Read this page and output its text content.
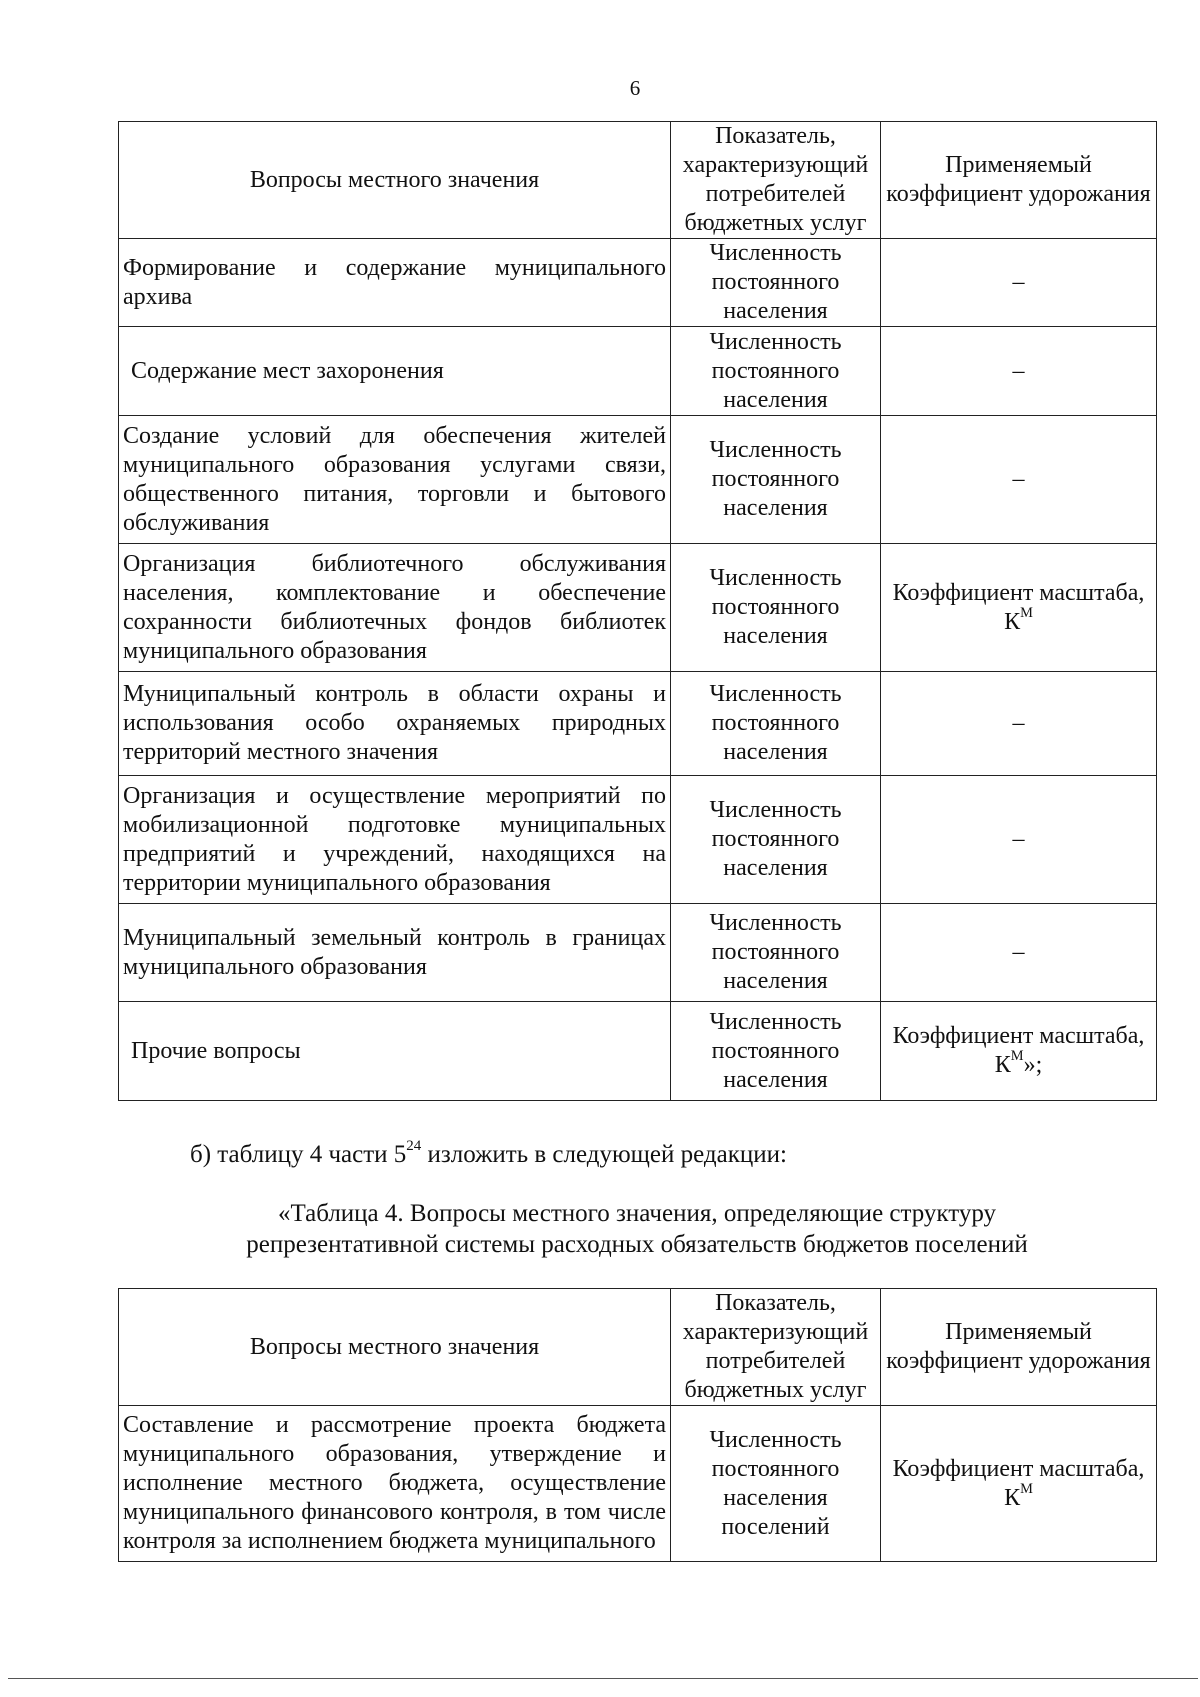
6
Вопросы местного значения	Показатель, характеризующий потребителей бюджетных услуг	Применяемый коэффициент удорожания
Формирование и содержание муниципального архива	Численность постоянного населения	–
Содержание мест захоронения	Численность постоянного населения	–
Создание условий для обеспечения жителей муниципального образования услугами связи, общественного питания, торговли и бытового обслуживания	Численность постоянного населения	–
Организация библиотечного обслуживания населения, комплектование и обеспечение сохранности библиотечных фондов библиотек муниципального образования	Численность постоянного населения	Коэффициент масштаба, $К^М$
Муниципальный контроль в области охраны и использования особо охраняемых природных территорий местного значения	Численность постоянного населения	–
Организация и осуществление мероприятий по мобилизационной подготовке муниципальных предприятий и учреждений, находящихся на территории муниципального образования	Численность постоянного населения	–
Муниципальный земельный контроль в границах муниципального образования	Численность постоянного населения	–
Прочие вопросы	Численность постоянного населения	Коэффициент масштаба, $К^М$»;
б) таблицу 4 части $5^{24}$ изложить в следующей редакции:
«Таблица 4. Вопросы местного значения, определяющие структуру
репрезентативной системы расходных обязательств бюджетов поселений
Вопросы местного значения	Показатель, характеризующий потребителей бюджетных услуг	Применяемый коэффициент удорожания
Составление и рассмотрение проекта бюджета муниципального образования, утверждение и исполнение местного бюджета, осуществление муниципального финансового контроля, в том числе контроля за исполнением бюджета муниципального	Численность постоянного населения поселений	Коэффициент масштаба, $К^М$
